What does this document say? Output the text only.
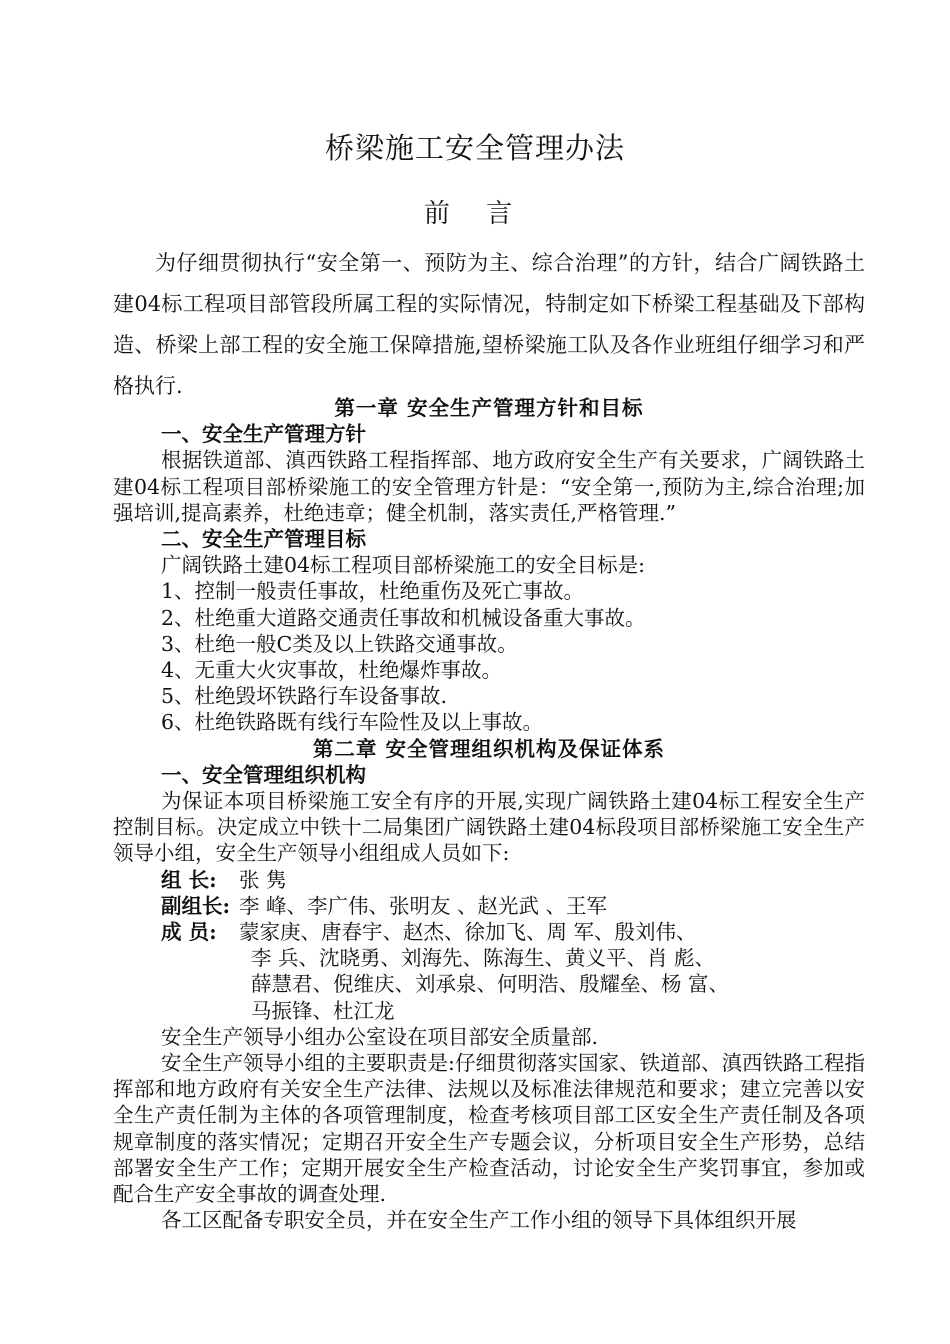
桥梁施工安全管理办法
前 言

为仔细贯彻执行“安全第一、预防为主、综合治理”的方针，结合广阔铁路土建04标工程项目部管段所属工程的实际情况，特制定如下桥梁工程基础及下部构造、桥梁上部工程的安全施工保障措施,望桥梁施工队及各作业班组仔细学习和严格执行.

第一章 安全生产管理方针和目标

一、安全生产管理方针

根据铁道部、滇西铁路工程指挥部、地方政府安全生产有关要求，广阔铁路土建04标工程项目部桥梁施工的安全管理方针是：“安全第一,预防为主,综合治理;加强培训,提高素养，杜绝违章；健全机制，落实责任,严格管理.”

二、安全生产管理目标

广阔铁路土建04标工程项目部桥梁施工的安全目标是:

1、控制一般责任事故，杜绝重伤及死亡事故。

2、杜绝重大道路交通责任事故和机械设备重大事故。

3、杜绝一般C类及以上铁路交通事故。

4、无重大火灾事故，杜绝爆炸事故。

5、杜绝毁坏铁路行车设备事故.

6、杜绝铁路既有线行车险性及以上事故。

第二章 安全管理组织机构及保证体系

一、安全管理组织机构

为保证本项目桥梁施工安全有序的开展,实现广阔铁路土建04标工程安全生产控制目标。决定成立中铁十二局集团广阔铁路土建04标段项目部桥梁施工安全生产领导小组，安全生产领导小组组成人员如下:

组 长:	张 隽
副组长: 李 峰、李广伟、张明友 、赵光武 、王军
成 员:	蒙家庚、唐春宇、赵杰、徐加飞、周 军、殷刘伟、

李 兵、沈晓勇、刘海先、陈海生、黄义平、肖 彪、

薛慧君、倪维庆、刘承泉、何明浩、殷耀垒、杨 富、

马振锋、杜江龙

安全生产领导小组办公室设在项目部安全质量部.

安全生产领导小组的主要职责是:仔细贯彻落实国家、铁道部、滇西铁路工程指挥部和地方政府有关安全生产法律、法规以及标准法律规范和要求；建立完善以安全生产责任制为主体的各项管理制度，检查考核项目部工区安全生产责任制及各项规章制度的落实情况；定期召开安全生产专题会议，分析项目安全生产形势，总结部署安全生产工作；定期开展安全生产检查活动，讨论安全生产奖罚事宜，参加或配合生产安全事故的调查处理.

各工区配备专职安全员，并在安全生产工作小组的领导下具体组织开展
